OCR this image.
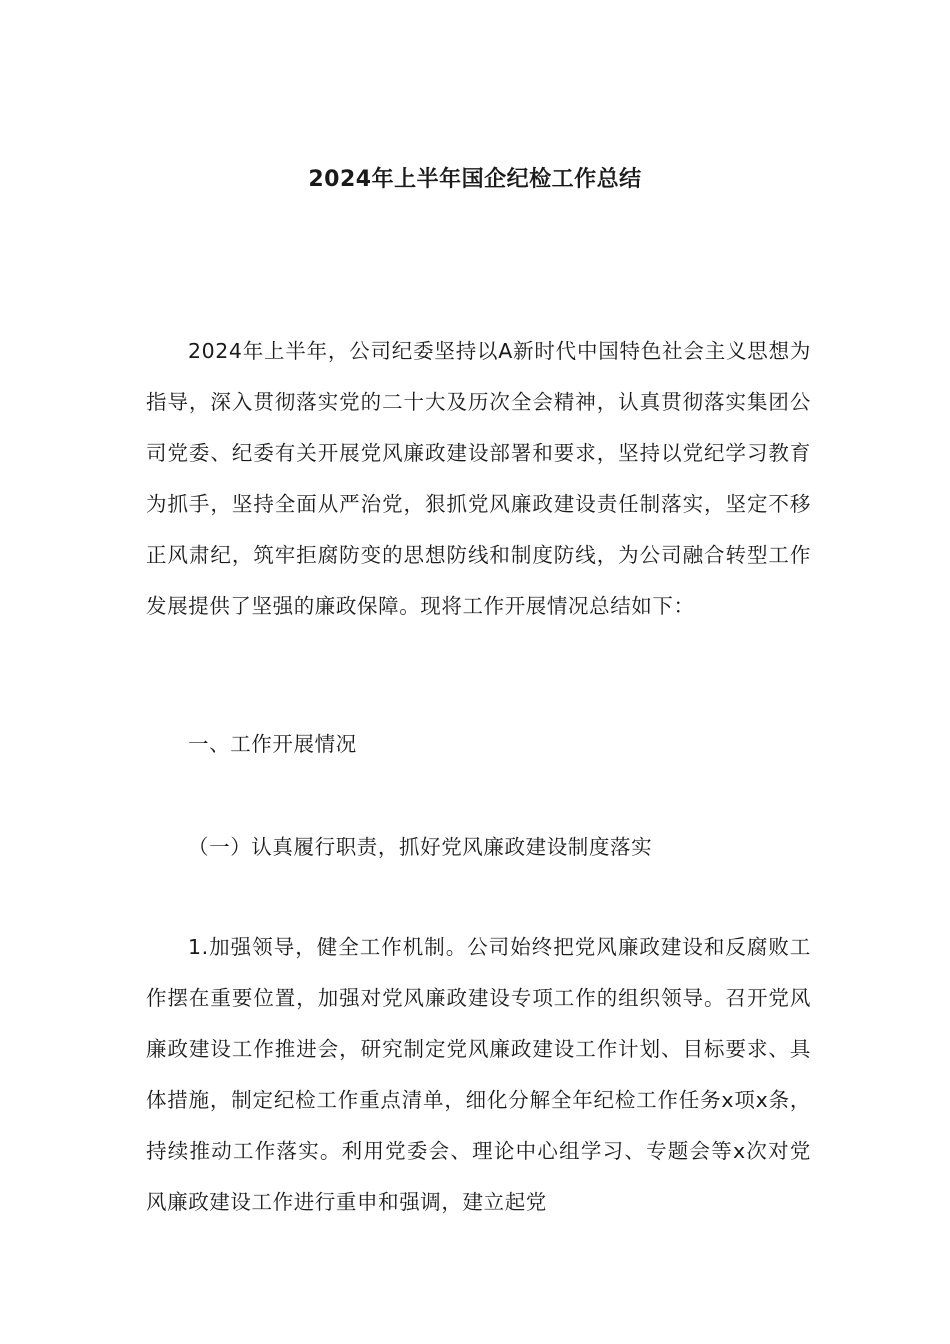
2024年上半年国企纪检工作总结

2024年上半年，公司纪委坚持以A新时代中国特色社会主义思想为指导，深入贯彻落实党的二十大及历次全会精神，认真贯彻落实集团公司党委、纪委有关开展党风廉政建设部署和要求，坚持以党纪学习教育为抓手，坚持全面从严治党，狠抓党风廉政建设责任制落实，坚定不移正风肃纪，筑牢拒腐防变的思想防线和制度防线，为公司融合转型工作发展提供了坚强的廉政保障。现将工作开展情况总结如下：

一、工作开展情况

（一）认真履行职责，抓好党风廉政建设制度落实

1.加强领导，健全工作机制。公司始终把党风廉政建设和反腐败工作摆在重要位置，加强对党风廉政建设专项工作的组织领导。召开党风廉政建设工作推进会，研究制定党风廉政建设工作计划、目标要求、具体措施，制定纪检工作重点清单，细化分解全年纪检工作任务x项x条，持续推动工作落实。利用党委会、理论中心组学习、专题会等x次对党风廉政建设工作进行重申和强调，建立起党
